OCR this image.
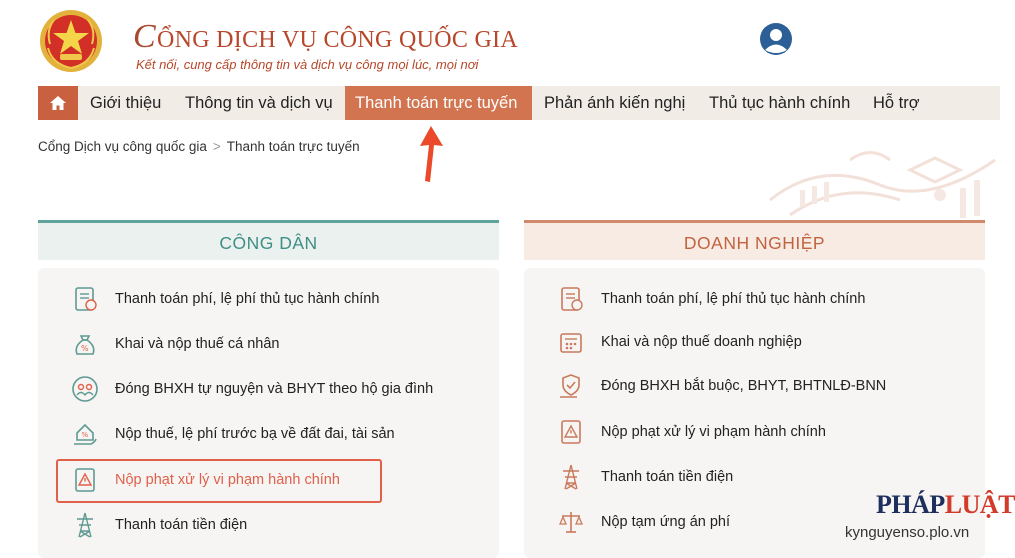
CỔNG DỊCH VỤ CÔNG QUỐC GIA
Kết nối, cung cấp thông tin và dịch vụ công mọi lúc, mọi nơi
Giới thiệu	Thông tin và dịch vụ	Thanh toán trực tuyến	Phản ánh kiến nghị	Thủ tục hành chính	Hỗ trợ
Cổng Dịch vụ công quốc gia > Thanh toán trực tuyến
CÔNG DÂN
Thanh toán phí, lệ phí thủ tục hành chính
% Khai và nộp thuế cá nhân
Đóng BHXH tự nguyện và BHYT theo hộ gia đình
% Nộp thuế, lệ phí trước bạ về đất đai, tài sản
Nộp phạt xử lý vi phạm hành chính
Thanh toán tiền điện
DOANH NGHIỆP
Thanh toán phí, lệ phí thủ tục hành chính
Khai và nộp thuế doanh nghiệp
Đóng BHXH bắt buộc, BHYT, BHTNLĐ-BNN
Nộp phạt xử lý vi phạm hành chính
Thanh toán tiền điện
Nộp tạm ứng án phí
PHÁPLUẬT
kynguyenso.plo.vn
